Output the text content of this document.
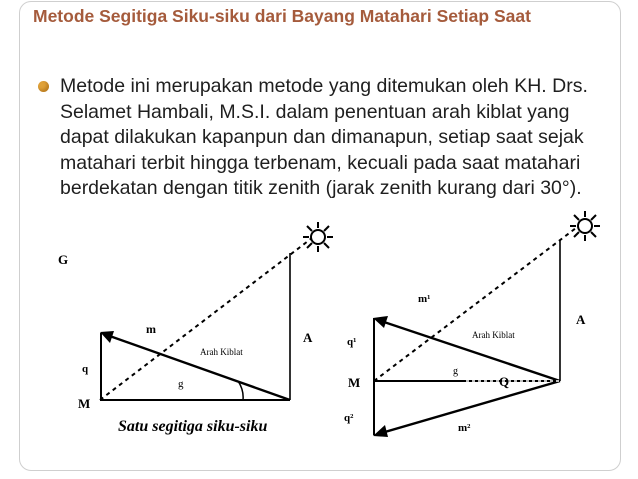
Metode Segitiga Siku-siku dari Bayang Matahari Setiap Saat
Metode ini merupakan metode yang ditemukan oleh KH. Drs. Selamet Hambali, M.S.I. dalam penentuan arah kiblat yang dapat dilakukan kapanpun dan dimanapun, setiap saat sejak matahari terbit hingga terbenam, kecuali pada saat matahari berdekatan dengan titik zenith (jarak zenith kurang dari 30°).
G
m
q
A
M
g
Arah Kiblat
Satu segitiga siku-siku
m¹
q¹
Arah Kiblat
A
M
g
Q
q²
m²
